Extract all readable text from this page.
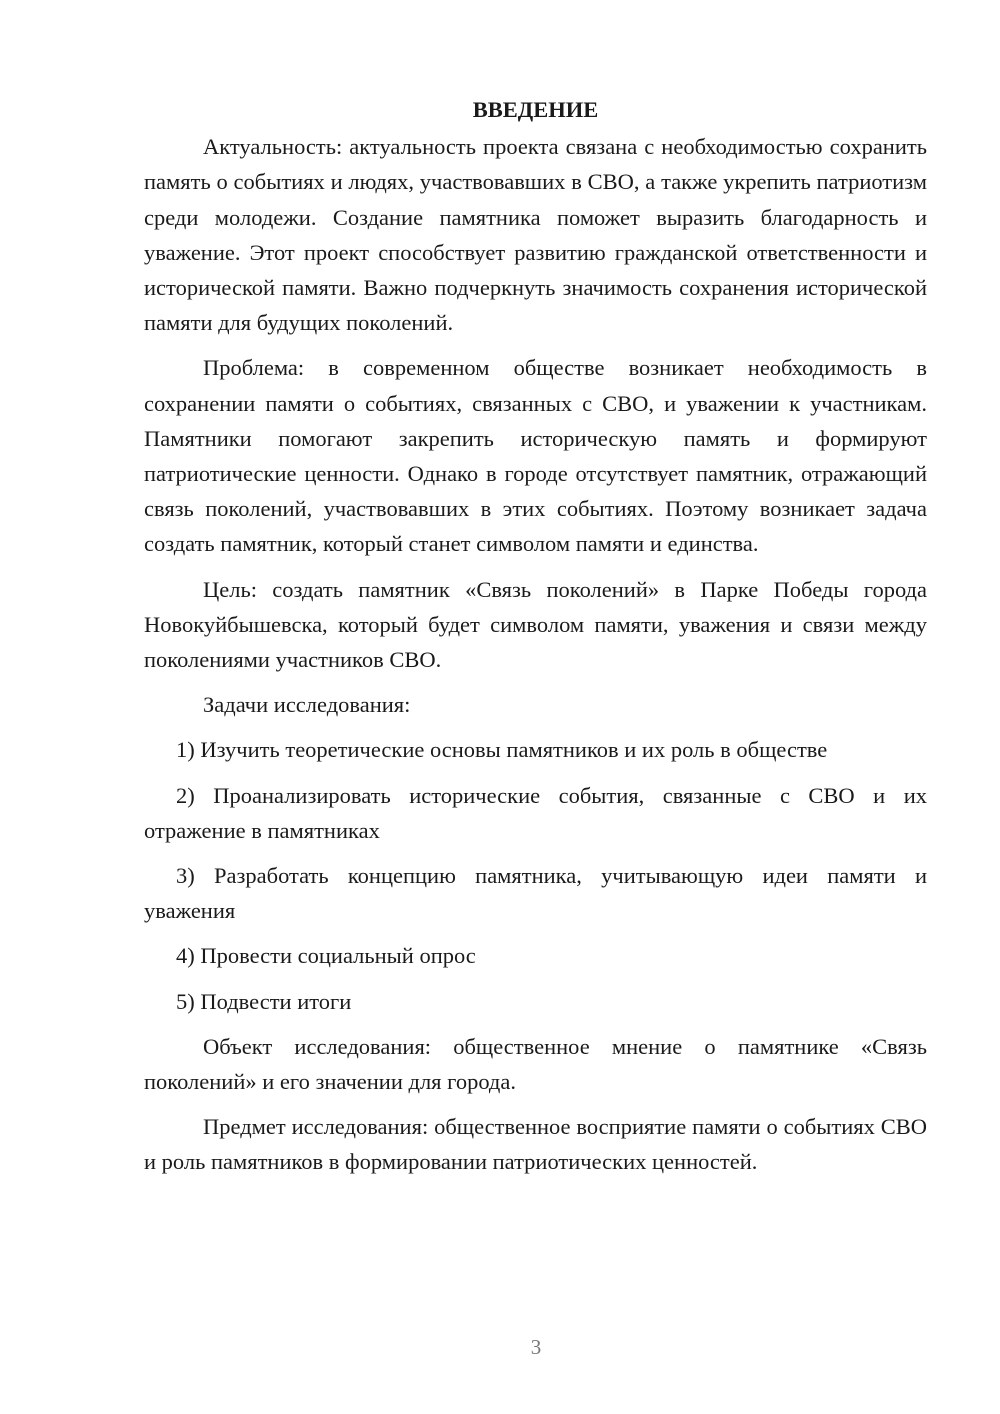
ВВЕДЕНИЕ

Актуальность: актуальность проекта связана с необходимостью сохранить память о событиях и людях, участвовавших в СВО, а также укрепить патриотизм среди молодежи. Создание памятника поможет выразить благодарность и уважение. Этот проект способствует развитию гражданской ответственности и исторической памяти. Важно подчеркнуть значимость сохранения исторической памяти для будущих поколений.

Проблема: в современном обществе возникает необходимость в сохранении памяти о событиях, связанных с СВО, и уважении к участникам. Памятники помогают закрепить историческую память и формируют патриотические ценности. Однако в городе отсутствует памятник, отражающий связь поколений, участвовавших в этих событиях. Поэтому возникает задача создать памятник, который станет символом памяти и единства.

Цель: создать памятник «Связь поколений» в Парке Победы города Новокуйбышевска, который будет символом памяти, уважения и связи между поколениями участников СВО.

Задачи исследования:

1) Изучить теоретические основы памятников и их роль в обществе

2) Проанализировать исторические события, связанные с СВО и их отражение в памятниках

3) Разработать концепцию памятника, учитывающую идеи памяти и уважения

4) Провести социальный опрос

5) Подвести итоги

Объект исследования: общественное мнение о памятнике «Связь поколений» и его значении для города.

Предмет исследования: общественное восприятие памяти о событиях СВО и роль памятников в формировании патриотических ценностей.

3
